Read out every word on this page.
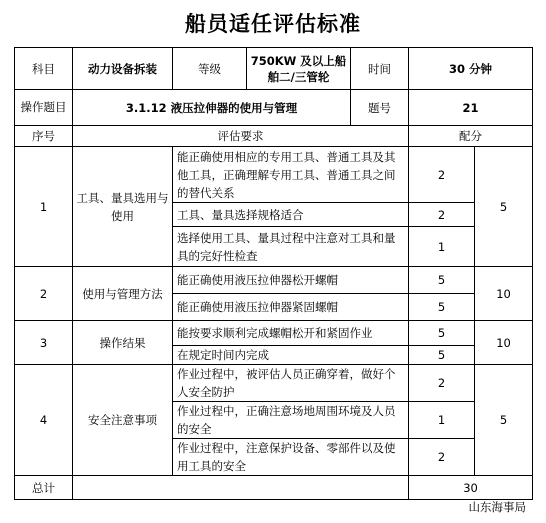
船员适任评估标准
科目	动力设备拆装	等级	750KW 及以上船舶二/三管轮	时间	30 分钟	
操作题目	3.1.12 液压拉伸器的使用与管理			题号	21	
序号	评估要求				配分	
1	工具、量具选用与使用	能正确使用相应的专用工具、普通工具及其他工具，正确理解专用工具、普通工具之间的替代关系			2	5
		工具、量具选择规格适合			2	
		选择使用工具、量具过程中注意对工具和量具的完好性检查			1	
2	使用与管理方法	能正确使用液压拉伸器松开螺帽			5	10
		能正确使用液压拉伸器紧固螺帽			5	
3	操作结果	能按要求顺利完成螺帽松开和紧固作业			5	10
		在规定时间内完成			5	
4	安全注意事项	作业过程中，被评估人员正确穿着，做好个人安全防护			2	5
		作业过程中，正确注意场地周围环境及人员的安全			1	
		作业过程中，注意保护设备、零部件以及使用工具的安全			2	
总计					30	
山东海事局
